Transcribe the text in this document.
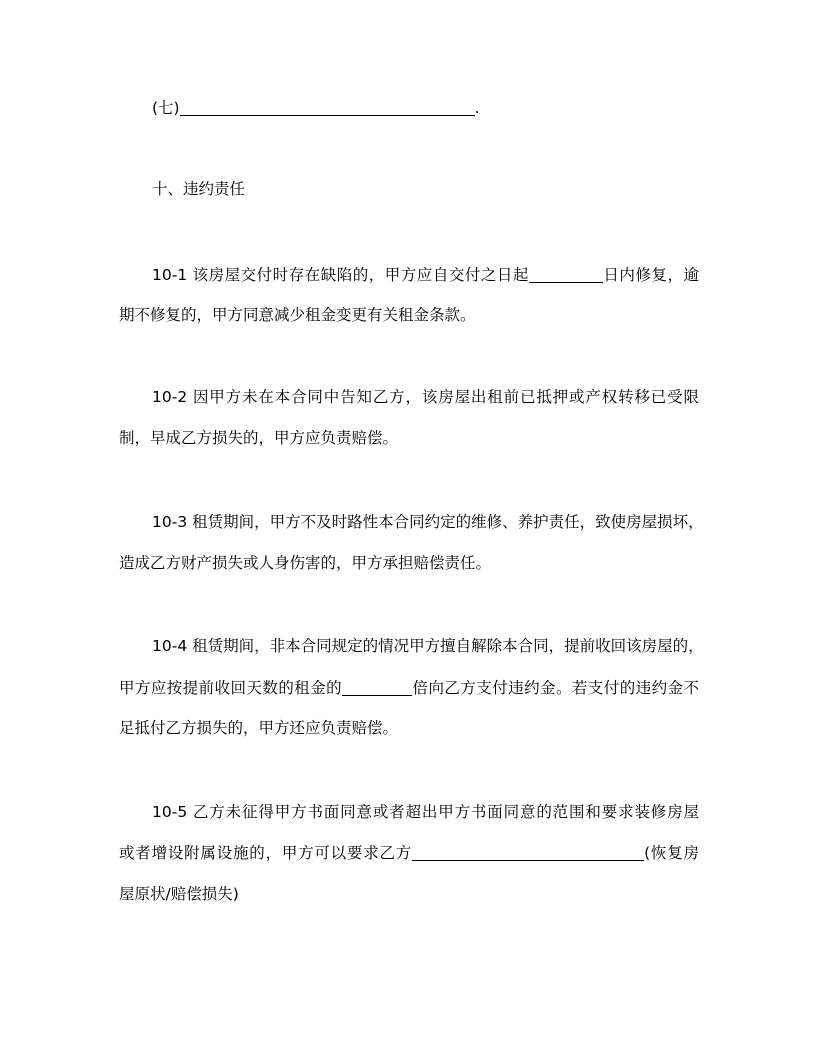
(七)	.
十、违约责任
10-1 该房屋交付时存在缺陷的，甲方应自交付之日起	日内修复，逾
期不修复的，甲方同意减少租金变更有关租金条款。
10-2 因甲方未在本合同中告知乙方，该房屋出租前已抵押或产权转移已受限
制，早成乙方损失的，甲方应负责赔偿。
10-3 租赁期间，甲方不及时路性本合同约定的维修、养护责任，致使房屋损坏，
造成乙方财产损失或人身伤害的，甲方承担赔偿责任。
10-4 租赁期间，非本合同规定的情况甲方擅自解除本合同，提前收回该房屋的，
甲方应按提前收回天数的租金的	倍向乙方支付违约金。若支付的违约金不
足抵付乙方损失的，甲方还应负责赔偿。
10-5 乙方未征得甲方书面同意或者超出甲方书面同意的范围和要求装修房屋
或者增设附属设施的，甲方可以要求乙方	(恢复房
屋原状/赔偿损失)
